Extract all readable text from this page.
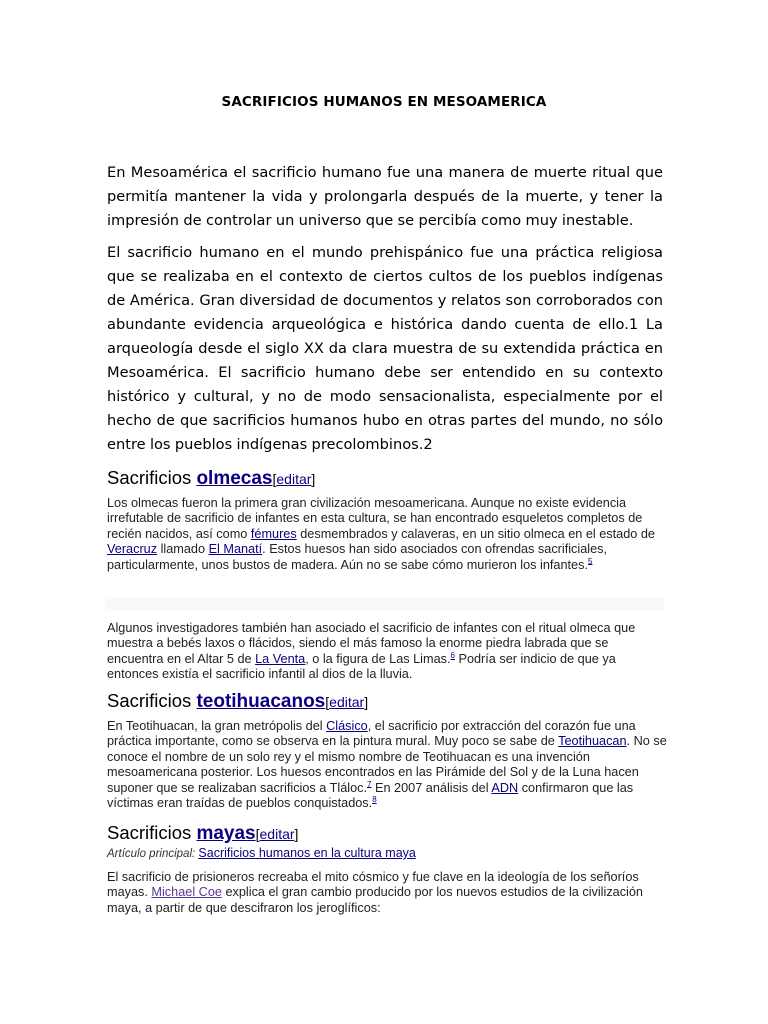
SACRIFICIOS HUMANOS EN MESOAMERICA

En Mesoamérica el sacrificio humano fue una manera de muerte ritual que permitía mantener la vida y prolongarla después de la muerte, y tener la impresión de controlar un universo que se percibía como muy inestable.

El sacrificio humano en el mundo prehispánico fue una práctica religiosa que se realizaba en el contexto de ciertos cultos de los pueblos indígenas de América. Gran diversidad de documentos y relatos son corroborados con abundante evidencia arqueológica e histórica dando cuenta de ello.1 La arqueología desde el siglo XX da clara muestra de su extendida práctica en Mesoamérica. El sacrificio humano debe ser entendido en su contexto histórico y cultural, y no de modo sensacionalista, especialmente por el hecho de que sacrificios humanos hubo en otras partes del mundo, no sólo entre los pueblos indígenas precolombinos.2

Sacrificios olmecas[editar]

Los olmecas fueron la primera gran civilización mesoamericana. Aunque no existe evidencia irrefutable de sacrificio de infantes en esta cultura, se han encontrado esqueletos completos de recién nacidos, así como fémures desmembrados y calaveras, en un sitio olmeca en el estado de Veracruz llamado El Manatí. Estos huesos han sido asociados con ofrendas sacrificiales, particularmente, unos bustos de madera. Aún no se sabe cómo murieron los infantes.$^5$

Algunos investigadores también han asociado el sacrificio de infantes con el ritual olmeca que muestra a bebés laxos o flácidos, siendo el más famoso la enorme piedra labrada que se encuentra en el Altar 5 de La Venta, o la figura de Las Limas.$^6$ Podría ser indicio de que ya entonces existía el sacrificio infantil al dios de la lluvia.

Sacrificios teotihuacanos[editar]

En Teotihuacan, la gran metrópolis del Clásico, el sacrificio por extracción del corazón fue una práctica importante, como se observa en la pintura mural. Muy poco se sabe de Teotihuacan. No se conoce el nombre de un solo rey y el mismo nombre de Teotihuacan es una invención mesoamericana posterior. Los huesos encontrados en las Pirámide del Sol y de la Luna hacen suponer que se realizaban sacrificios a Tláloc.$^7$ En 2007 análisis del ADN confirmaron que las víctimas eran traídas de pueblos conquistados.$^8$

Sacrificios mayas[editar]

Artículo principal: Sacrificios humanos en la cultura maya

El sacrificio de prisioneros recreaba el mito cósmico y fue clave en la ideología de los señoríos mayas. Michael Coe explica el gran cambio producido por los nuevos estudios de la civilización maya, a partir de que descifraron los jeroglíficos:
